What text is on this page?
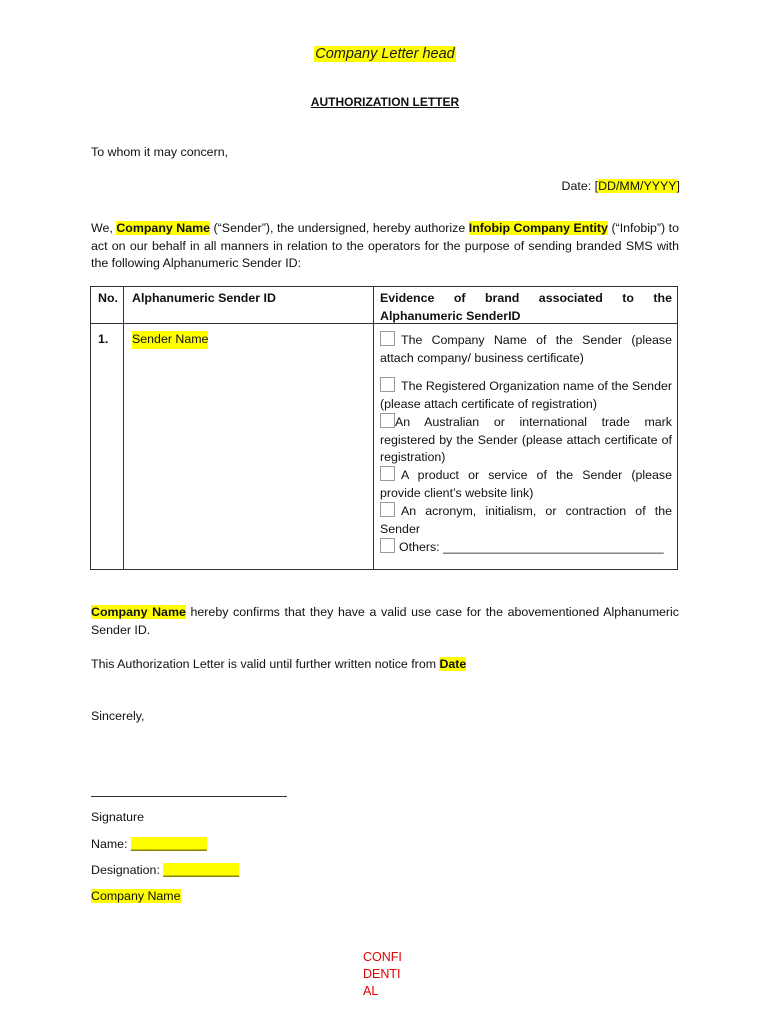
Company Letter head
AUTHORIZATION LETTER
To whom it may concern,
Date: [DD/MM/YYYY]
We, Company Name (“Sender”), the undersigned, hereby authorize Infobip Company Entity (“Infobip”) to act on our behalf in all manners in relation to the operators for the purpose of sending branded SMS with the following Alphanumeric Sender ID:
No. Alphanumeric Sender ID	Evidence of brand associated to the Alphanumeric SenderID
1. Sender Name	The Company Name of the Sender (please attach company/ business certificate)
The Registered Organization name of the Sender (please attach certificate of registration)
An Australian or international trade mark registered by the Sender (please attach certificate of registration)
A product or service of the Sender (please provide client’s website link)
An acronym, initialism, or contraction of the Sender
Others: ________________________________
Company Name hereby confirms that they have a valid use case for the abovementioned Alphanumeric Sender ID.
This Authorization Letter is valid until further written notice from Date
Sincerely,
Signature
Name: ___________
Designation: ___________
Company Name
CONFIDENTIAL
